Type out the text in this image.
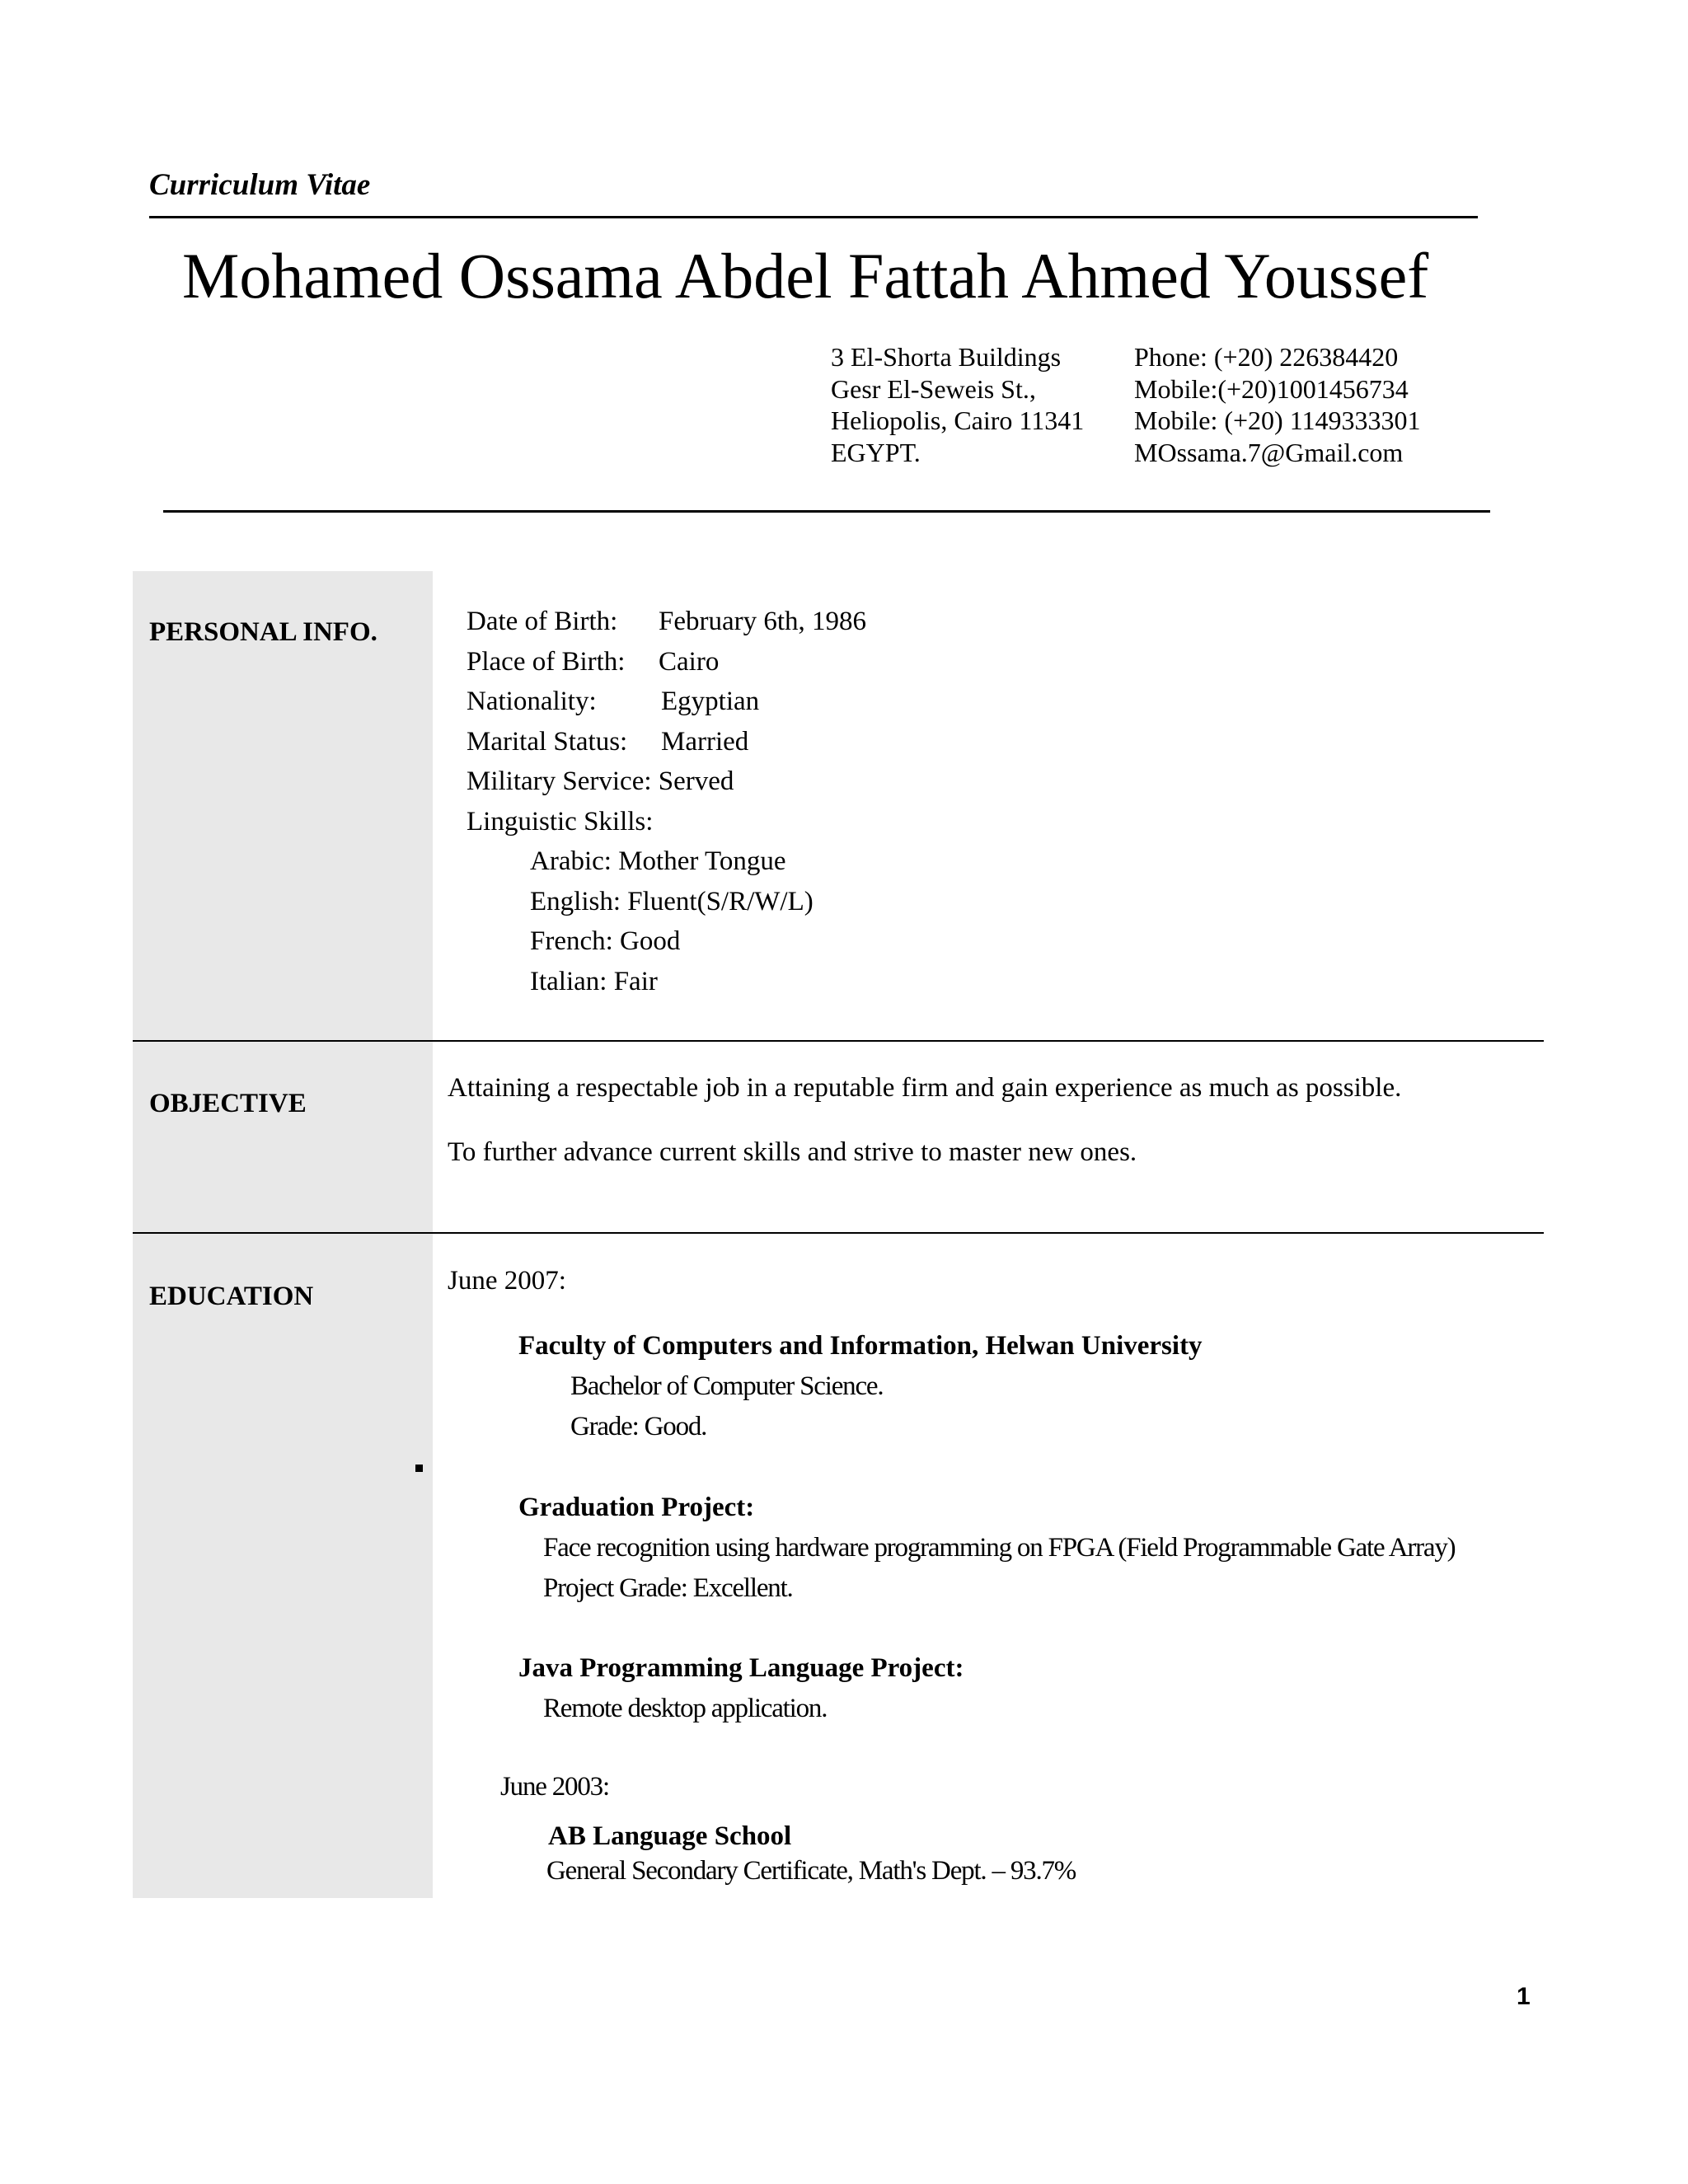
Curriculum Vitae
Mohamed Ossama Abdel Fattah Ahmed Youssef
3 El-Shorta Buildings
Gesr El-Seweis St.,
Heliopolis, Cairo 11341
EGYPT.
Phone: (+20) 226384420
Mobile:(+20)1001456734
Mobile: (+20) 1149333301
MOssama.7@Gmail.com
PERSONAL INFO.	Date of Birth:	February 6th, 1986
Place of Birth:	Cairo
Nationality:	Egyptian
Marital Status:	Married
Military Service: Served
Linguistic Skills:
Arabic: Mother Tongue
English: Fluent(S/R/W/L)
French: Good
Italian: Fair
OBJECTIVE
Attaining a respectable job in a reputable firm and gain experience as much as possible.
To further advance current skills and strive to master new ones.
EDUCATION
June 2007:
Faculty of Computers and Information, Helwan University
Bachelor of Computer Science.
Grade: Good.
Graduation Project:
Face recognition using hardware programming on FPGA (Field Programmable Gate Array)
Project Grade: Excellent.
Java Programming Language Project:
Remote desktop application.
June 2003:
AB Language School
General Secondary Certificate, Math's Dept. – 93.7%
1
